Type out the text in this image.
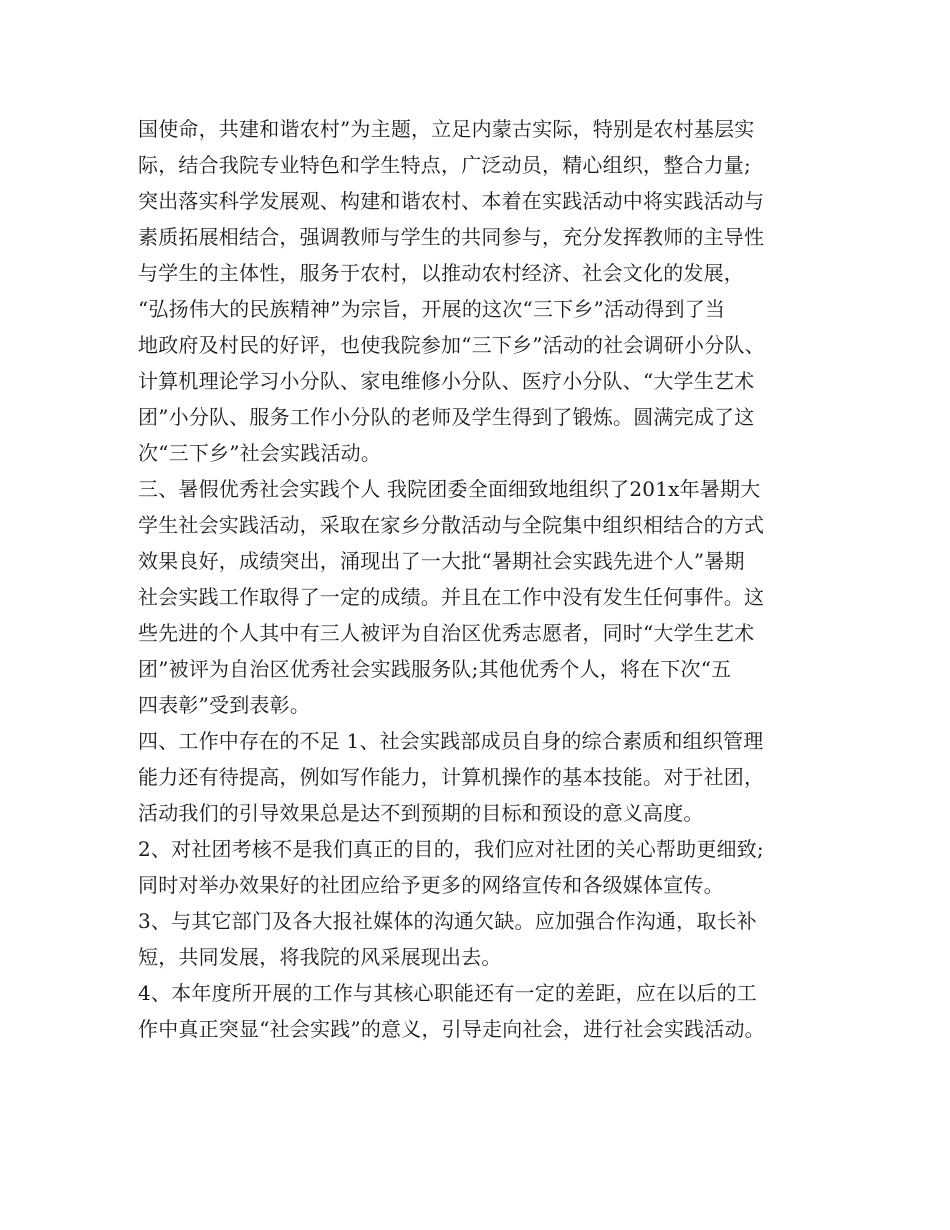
国使命，共建和谐农村”为主题，立足内蒙古实际，特别是农村基层实
际，结合我院专业特色和学生特点，广泛动员，精心组织，整合力量;
突出落实科学发展观、构建和谐农村、本着在实践活动中将实践活动与
素质拓展相结合，强调教师与学生的共同参与，充分发挥教师的主导性
与学生的主体性，服务于农村，以推动农村经济、社会文化的发展，
“弘扬伟大的民族精神”为宗旨，开展的这次“三下乡”活动得到了当
地政府及村民的好评，也使我院参加“三下乡”活动的社会调研小分队、
计算机理论学习小分队、家电维修小分队、医疗小分队、“大学生艺术
团”小分队、服务工作小分队的老师及学生得到了锻炼。圆满完成了这
次“三下乡”社会实践活动。
三、暑假优秀社会实践个人 我院团委全面细致地组织了201x年暑期大
学生社会实践活动，采取在家乡分散活动与全院集中组织相结合的方式
效果良好，成绩突出，涌现出了一大批“暑期社会实践先进个人”暑期
社会实践工作取得了一定的成绩。并且在工作中没有发生任何事件。这
些先进的个人其中有三人被评为自治区优秀志愿者，同时“大学生艺术
团”被评为自治区优秀社会实践服务队;其他优秀个人，将在下次“五
四表彰”受到表彰。
四、工作中存在的不足 1、社会实践部成员自身的综合素质和组织管理
能力还有待提高，例如写作能力，计算机操作的基本技能。对于社团，
活动我们的引导效果总是达不到预期的目标和预设的意义高度。
2、对社团考核不是我们真正的目的，我们应对社团的关心帮助更细致;
同时对举办效果好的社团应给予更多的网络宣传和各级媒体宣传。
3、与其它部门及各大报社媒体的沟通欠缺。应加强合作沟通，取长补
短，共同发展，将我院的风采展现出去。
4、本年度所开展的工作与其核心职能还有一定的差距，应在以后的工
作中真正突显“社会实践”的意义，引导走向社会，进行社会实践活动。
